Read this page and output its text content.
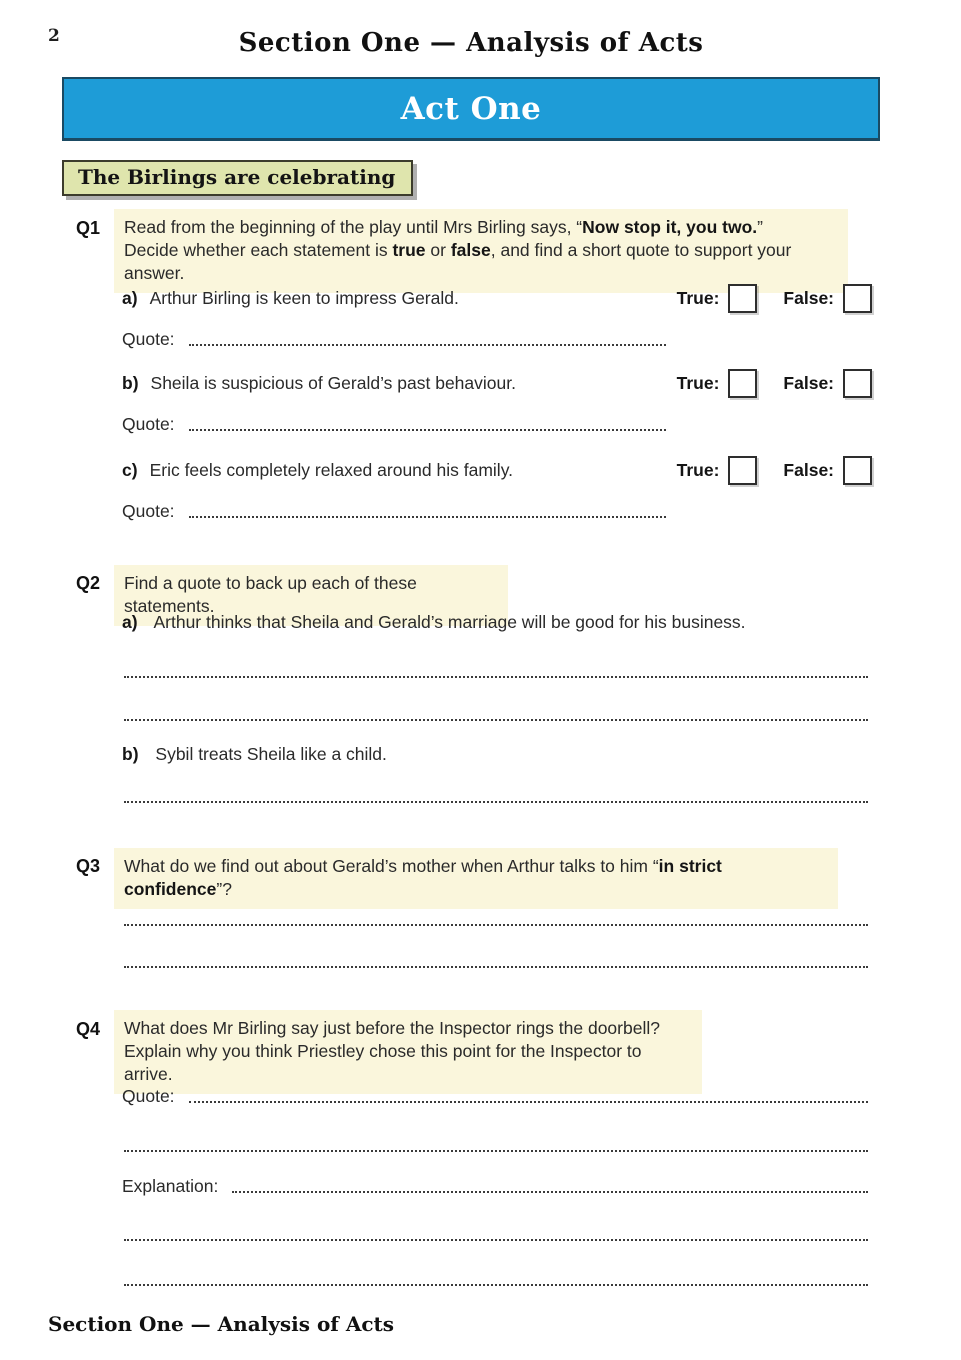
2	Section One — Analysis of Acts
Act One
The Birlings are celebrating
Q1 Read from the beginning of the play until Mrs Birling says, “Now stop it, you two.”
Decide whether each statement is true or false, and find a short quote to support your answer.
a) Arthur Birling is keen to impress Gerald.	True:	False:
Quote:
b) Sheila is suspicious of Gerald’s past behaviour.	True:	False:
Quote:
c) Eric feels completely relaxed around his family.	True:	False:
Quote:
Q2	Find a quote to back up each of these statements.
a) Arthur thinks that Sheila and Gerald’s marriage will be good for his business.
b) Sybil treats Sheila like a child.
Q3	What do we find out about Gerald’s mother when Arthur talks to him “in strict confidence”?
Q4 What does Mr Birling say just before the Inspector rings the doorbell?
Explain why you think Priestley chose this point for the Inspector to arrive.
Quote:
Explanation:
Section One — Analysis of Acts
